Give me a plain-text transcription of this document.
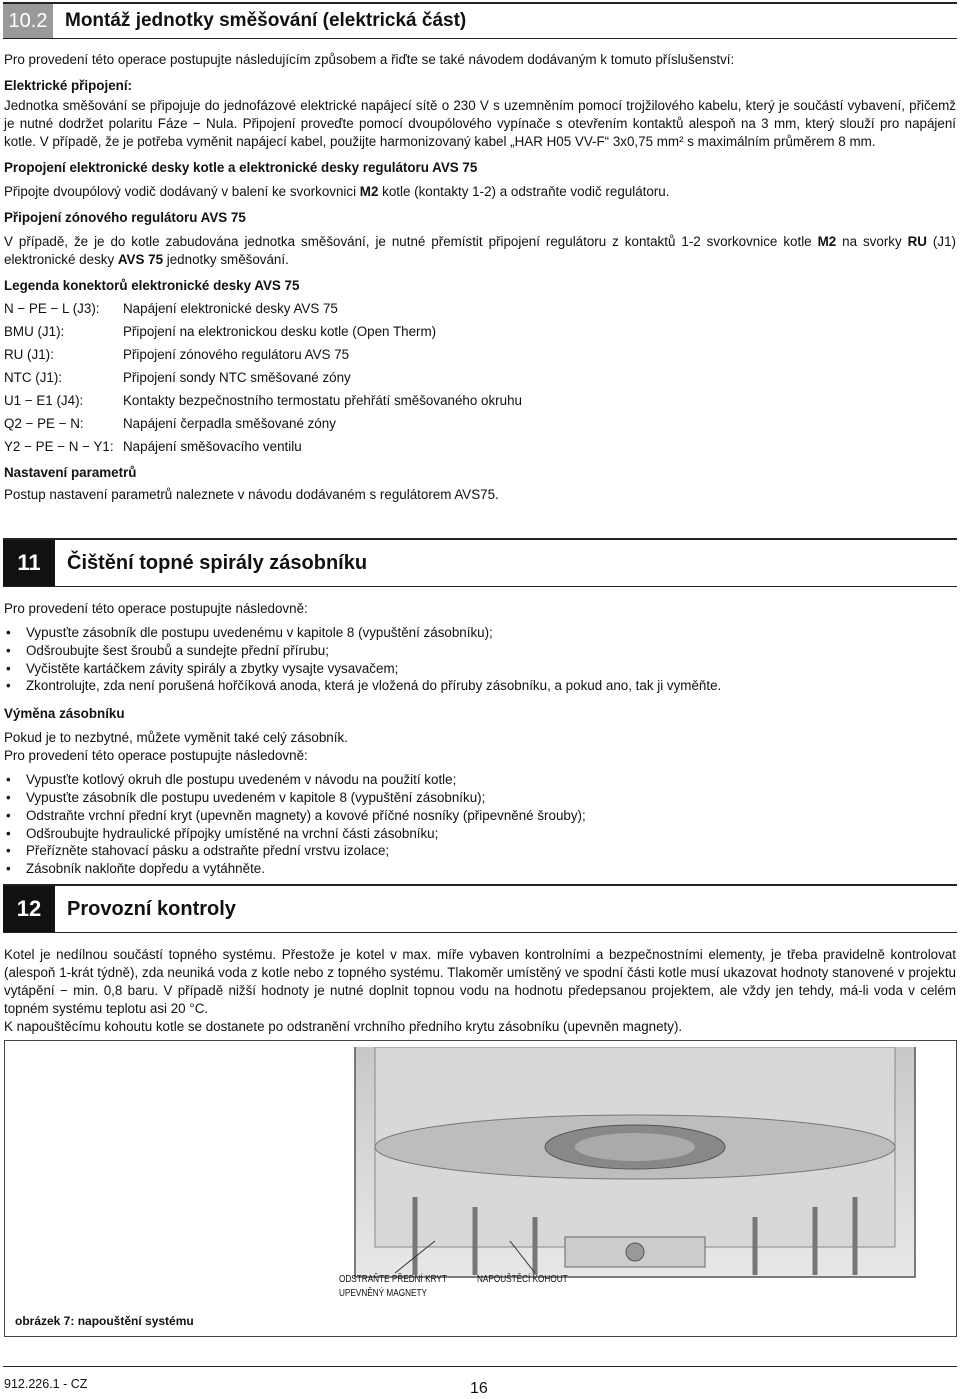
10.2 Montáž jednotky směšování (elektrická část)

Pro provedení této operace postupujte následujícím způsobem a řiďte se také návodem dodávaným k tomuto příslušenství:

Elektrické připojení:

Jednotka směšování se připojuje do jednofázové elektrické napájecí sítě o 230 V s uzemněním pomocí trojžilového kabelu, který je součástí vybavení, přičemž je nutné dodržet polaritu Fáze − Nula. Připojení proveďte pomocí dvoupólového vypínače s otevřením kontaktů alespoň na 3 mm, který slouží pro napájení kotle. V případě, že je potřeba vyměnit napájecí kabel, použijte harmonizovaný kabel „HAR H05 VV-F“ 3x0,75 mm² s maximálním průměrem 8 mm.

Propojení elektronické desky kotle a elektronické desky regulátoru AVS 75

Připojte dvoupólový vodič dodávaný v balení ke svorkovnici M2 kotle (kontakty 1-2) a odstraňte vodič regulátoru.

Připojení zónového regulátoru AVS 75

V případě, že je do kotle zabudována jednotka směšování, je nutné přemístit připojení regulátoru z kontaktů 1-2 svorkovnice kotle M2 na svorky RU (J1) elektronické desky AVS 75 jednotky směšování.

Legenda konektorů elektronické desky AVS 75

N − PE − L (J3):	Napájení elektronické desky AVS 75
BMU (J1):	Připojení na elektronickou desku kotle (Open Therm)
RU (J1):	Připojení zónového regulátoru AVS 75
NTC (J1):	Připojení sondy NTC směšované zóny
U1 − E1 (J4):	Kontakty bezpečnostního termostatu přehřátí směšovaného okruhu
Q2 − PE − N:	Napájení čerpadla směšované zóny
Y2 − PE − N − Y1: Napájení směšovacího ventilu

Nastavení parametrů

Postup nastavení parametrů naleznete v návodu dodávaném s regulátorem AVS75.

11	Čištění topné spirály zásobníku

Pro provedení této operace postupujte následovně:

• Vypusťte zásobník dle postupu uvedenému v kapitole 8 (vypuštění zásobníku);
• Odšroubujte šest šroubů a sundejte přední přírubu;
• Vyčistěte kartáčkem závity spirály a zbytky vysajte vysavačem;
• Zkontrolujte, zda není porušená hořčíková anoda, která je vložená do příruby zásobníku, a pokud ano, tak ji vyměňte.

Výměna zásobníku

Pokud je to nezbytné, můžete vyměnit také celý zásobník.

Pro provedení této operace postupujte následovně:

• Vypusťte kotlový okruh dle postupu uvedeném v návodu na použití kotle;
• Vypusťte zásobník dle postupu uvedeném v kapitole 8 (vypuštění zásobníku);
• Odstraňte vrchní přední kryt (upevněn magnety) a kovové příčné nosníky (připevněné šrouby);
• Odšroubujte hydraulické přípojky umístěné na vrchní části zásobníku;
• Přeřízněte stahovací pásku a odstraňte přední vrstvu izolace;
• Zásobník nakloňte dopředu a vytáhněte.
12	Provozní kontroly

Kotel je nedílnou součástí topného systému. Přestože je kotel v max. míře vybaven kontrolními a bezpečnostními elementy, je třeba pravidelně kontrolovat (alespoň 1-krát týdně), zda neuniká voda z kotle nebo z topného systému. Tlakoměr umístěný ve spodní části kotle musí ukazovat hodnoty stanovené v projektu vytápění − min. 0,8 baru. V případě nižší hodnoty je nutné doplnit topnou vodu na hodnotu předepsanou projektem, ale vždy jen tehdy, má-li voda v celém topném systému teplotu asi 20 °C.

K napouštěcímu kohoutu kotle se dostanete po odstranění vrchního předního krytu zásobníku (upevněn magnety).

ODSTRAŇTE PŘEDNÍ KRYT
UPEVNĚNÝ MAGNETY
NAPOUŠTĚCÍ KOHOUT
obrázek 7: napouštění systému
912.226.1 - CZ	16
